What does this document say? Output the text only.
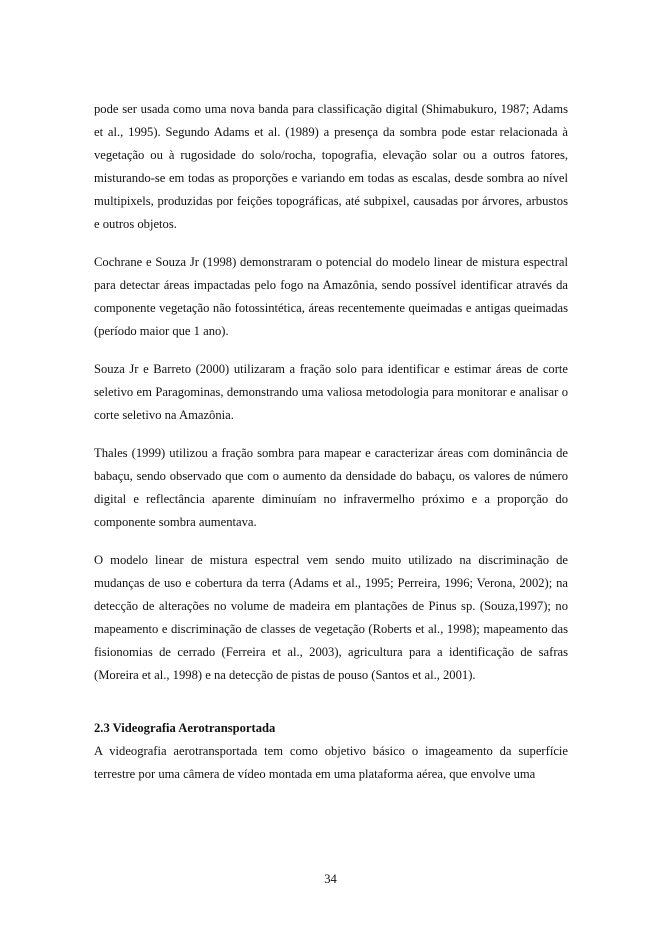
pode ser usada como uma nova banda para classificação digital (Shimabukuro, 1987; Adams et al., 1995). Segundo Adams et al. (1989) a presença da sombra pode estar relacionada à vegetação ou à rugosidade do solo/rocha, topografia, elevação solar ou a outros fatores, misturando-se em todas as proporções e variando em todas as escalas, desde sombra ao nível multipixels, produzidas por feições topográficas, até subpixel, causadas por árvores, arbustos e outros objetos.

Cochrane e Souza Jr (1998) demonstraram o potencial do modelo linear de mistura espectral para detectar áreas impactadas pelo fogo na Amazônia, sendo possível identificar através da componente vegetação não fotossintética, áreas recentemente queimadas e antigas queimadas (período maior que 1 ano).

Souza Jr e Barreto (2000) utilizaram a fração solo para identificar e estimar áreas de corte seletivo em Paragominas, demonstrando uma valiosa metodologia para monitorar e analisar o corte seletivo na Amazônia.

Thales (1999) utilizou a fração sombra para mapear e caracterizar áreas com dominância de babaçu, sendo observado que com o aumento da densidade do babaçu, os valores de número digital e reflectância aparente diminuíam no infravermelho próximo e a proporção do componente sombra aumentava.

O modelo linear de mistura espectral vem sendo muito utilizado na discriminação de mudanças de uso e cobertura da terra (Adams et al., 1995; Perreira, 1996; Verona, 2002); na detecção de alterações no volume de madeira em plantações de Pinus sp. (Souza,1997); no mapeamento e discriminação de classes de vegetação (Roberts et al., 1998); mapeamento das fisionomias de cerrado (Ferreira et al., 2003), agricultura para a identificação de safras (Moreira et al., 1998) e na detecção de pistas de pouso (Santos et al., 2001).

2.3 Videografia Aerotransportada

A videografia aerotransportada tem como objetivo básico o imageamento da superfície terrestre por uma câmera de vídeo montada em uma plataforma aérea, que envolve uma

34
